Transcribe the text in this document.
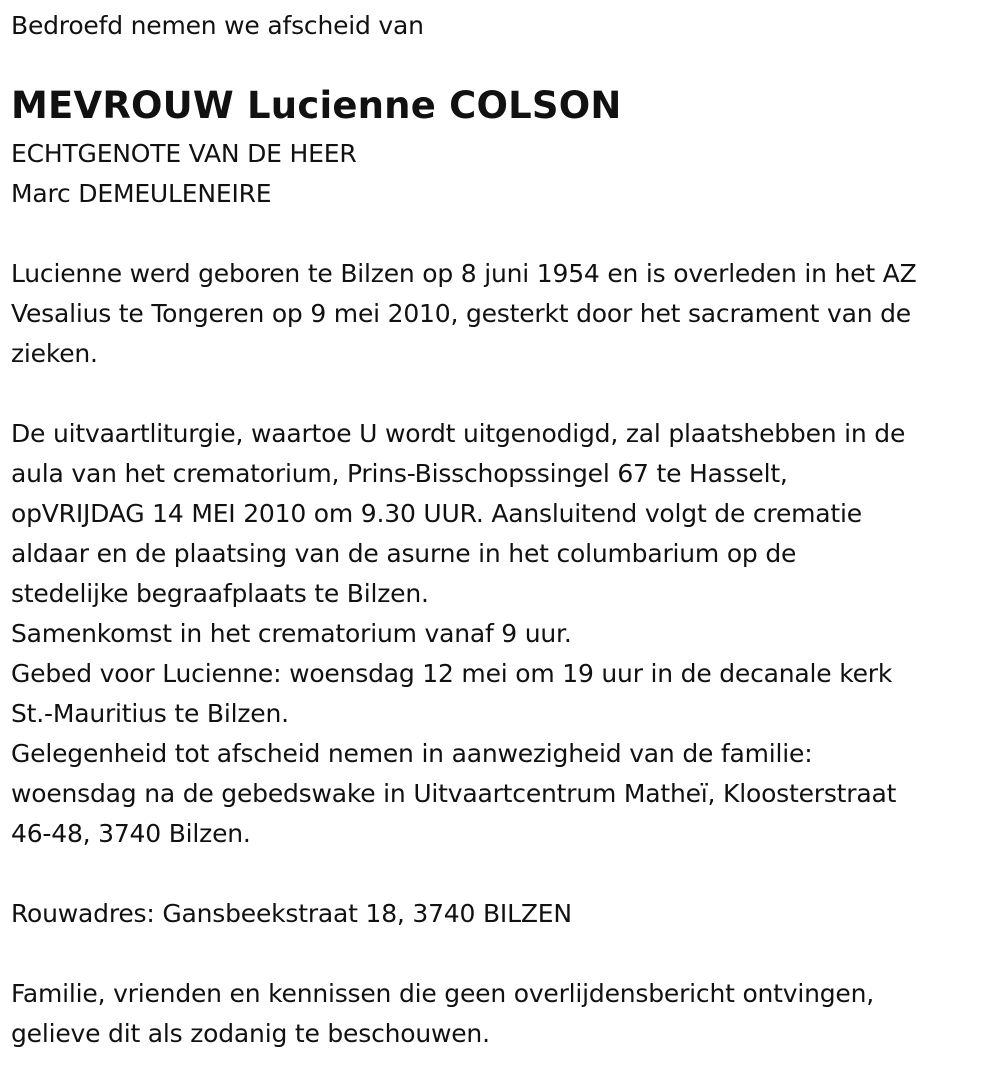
Bedroefd nemen we afscheid van
MEVROUW Lucienne COLSON
ECHTGENOTE VAN DE HEER
Marc DEMEULENEIRE
Lucienne werd geboren te Bilzen op 8 juni 1954 en is overleden in het AZ
Vesalius te Tongeren op 9 mei 2010, gesterkt door het sacrament van de
zieken.
De uitvaartliturgie, waartoe U wordt uitgenodigd, zal plaatshebben in de
aula van het crematorium, Prins-Bisschopssingel 67 te Hasselt,
opVRIJDAG 14 MEI 2010 om 9.30 UUR. Aansluitend volgt de crematie
aldaar en de plaatsing van de asurne in het columbarium op de
stedelijke begraafplaats te Bilzen.
Samenkomst in het crematorium vanaf 9 uur.
Gebed voor Lucienne: woensdag 12 mei om 19 uur in de decanale kerk
St.-Mauritius te Bilzen.
Gelegenheid tot afscheid nemen in aanwezigheid van de familie:
woensdag na de gebedswake in Uitvaartcentrum Matheï, Kloosterstraat
46-48, 3740 Bilzen.
Rouwadres: Gansbeekstraat 18, 3740 BILZEN
Familie, vrienden en kennissen die geen overlijdensbericht ontvingen,
gelieve dit als zodanig te beschouwen.
